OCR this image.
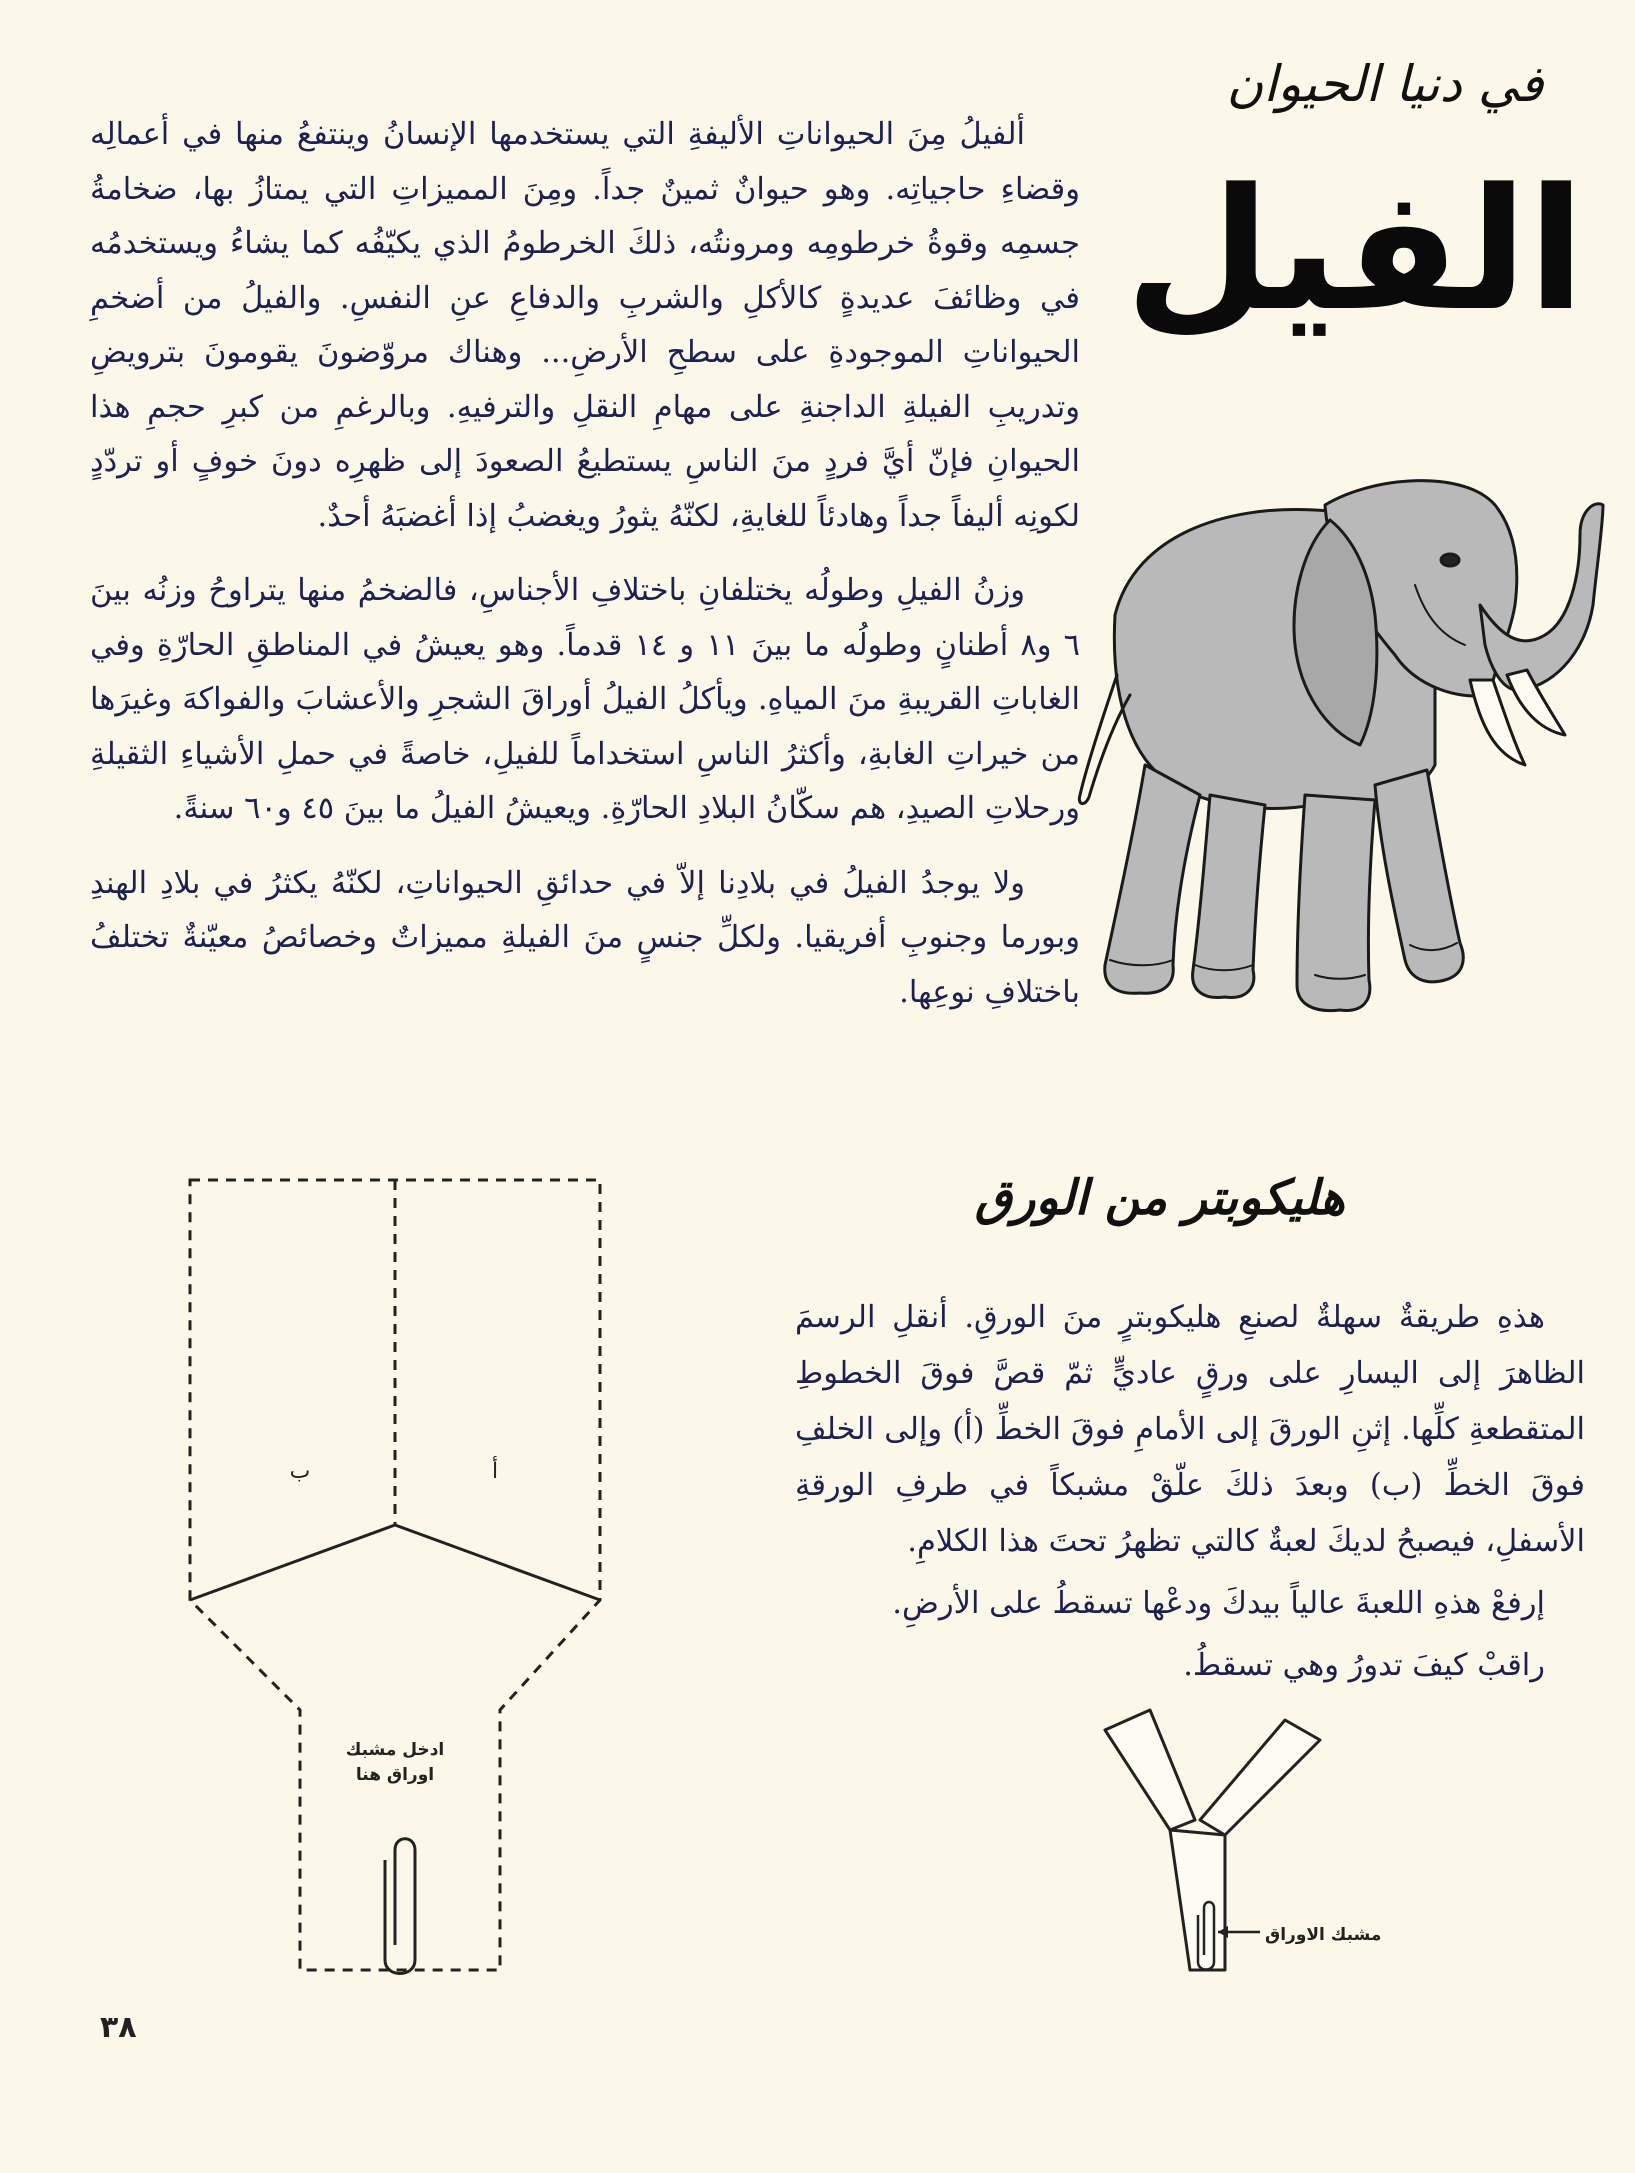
في دنيا الحيوان
الفيل

ألفيلُ مِنَ الحيواناتِ الأليفةِ التي يستخدمها الإنسانُ وينتفعُ منها في أعمالِه وقضاءِ حاجياتِه. وهو حيوانٌ ثمينٌ جداً. ومِنَ المميزاتِ التي يمتازُ بها، ضخامةُ جسمِه وقوةُ خرطومِه ومرونتُه، ذلكَ الخرطومُ الذي يكيّفُه كما يشاءُ ويستخدمُه في وظائفَ عديدةٍ كالأكلِ والشربِ والدفاعِ عنِ النفسِ. والفيلُ من أضخمِ الحيواناتِ الموجودةِ على سطحِ الأرضِ... وهناك مروّضونَ يقومونَ بترويضِ وتدريبِ الفيلةِ الداجنةِ على مهامِ النقلِ والترفيهِ. وبالرغمِ من كبرِ حجمِ هذا الحيوانِ فإنّ أيَّ فردٍ منَ الناسِ يستطيعُ الصعودَ إلى ظهرِه دونَ خوفٍ أو تردّدٍ لكونِه أليفاً جداً وهادئاً للغايةِ، لكنّهُ يثورُ ويغضبُ إذا أغضبَهُ أحدٌ.

وزنُ الفيلِ وطولُه يختلفانِ باختلافِ الأجناسِ، فالضخمُ منها يتراوحُ وزنُه بينَ ٦ و٨ أطنانٍ وطولُه ما بينَ ١١ و ١٤ قدماً. وهو يعيشُ في المناطقِ الحارّةِ وفي الغاباتِ القريبةِ منَ المياهِ. ويأكلُ الفيلُ أوراقَ الشجرِ والأعشابَ والفواكهَ وغيرَها من خيراتِ الغابةِ، وأكثرُ الناسِ استخداماً للفيلِ، خاصةً في حملِ الأشياءِ الثقيلةِ ورحلاتِ الصيدِ، هم سكّانُ البلادِ الحارّةِ. ويعيشُ الفيلُ ما بينَ ٤٥ و٦٠ سنةً.

ولا يوجدُ الفيلُ في بلادِنا إلاّ في حدائقِ الحيواناتِ، لكنّهُ يكثرُ في بلادِ الهندِ وبورما وجنوبِ أفريقيا. ولكلِّ جنسٍ منَ الفيلةِ مميزاتٌ وخصائصُ معيّنةٌ تختلفُ باختلافِ نوعِها.

هليكوبتر من الورق

هذهِ طريقةٌ سهلةٌ لصنعِ هليكوبترٍ منَ الورقِ. أنقلِ الرسمَ الظاهرَ إلى اليسارِ على ورقٍ عاديٍّ ثمّ قصَّ فوقَ الخطوطِ المتقطعةِ كلِّها. إثنِ الورقَ إلى الأمامِ فوقَ الخطِّ (أ) وإلى الخلفِ فوقَ الخطِّ (ب) وبعدَ ذلكَ علّقْ مشبكاً في طرفِ الورقةِ الأسفلِ، فيصبحُ لديكَ لعبةٌ كالتي تظهرُ تحتَ هذا الكلامِ.

إرفعْ هذهِ اللعبةَ عالياً بيدكَ ودعْها تسقطُ على الأرضِ.

راقبْ كيفَ تدورُ وهي تسقطُ.

ب	أ
ادخل مشبك
اوراق هنا
مشبك الاوراق
٣٨
